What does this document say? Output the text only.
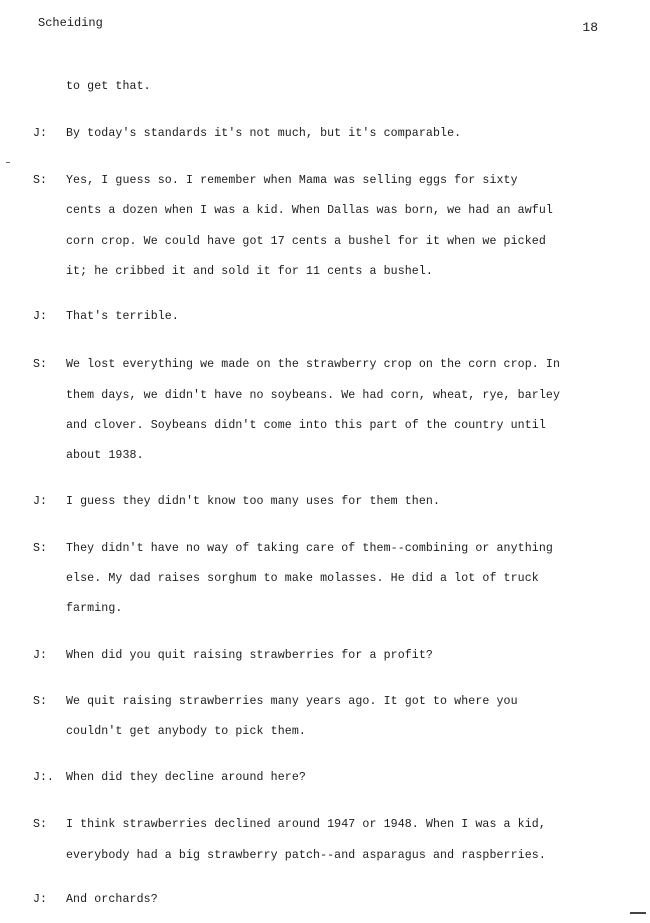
Scheiding	18
to get that.
J: By today's standards it's not much, but it's comparable.
S: Yes, I guess so. I remember when Mama was selling eggs for sixty
cents a dozen when I was a kid. When Dallas was born, we had an awful
corn crop. We could have got 17 cents a bushel for it when we picked
it; he cribbed it and sold it for 11 cents a bushel.
J: That's terrible.
S: We lost everything we made on the strawberry crop on the corn crop. In
them days, we didn't have no soybeans. We had corn, wheat, rye, barley
and clover. Soybeans didn't come into this part of the country until
about 1938.
J: I guess they didn't know too many uses for them then.
S: They didn't have no way of taking care of them--combining or anything
else. My dad raises sorghum to make molasses. He did a lot of truck
farming.
J: When did you quit raising strawberries for a profit?
S: We quit raising strawberries many years ago. It got to where you
couldn't get anybody to pick them.
J:. When did they decline around here?
S: I think strawberries declined around 1947 or 1948. When I was a kid,
everybody had a big strawberry patch--and asparagus and raspberries.
J: And orchards?
